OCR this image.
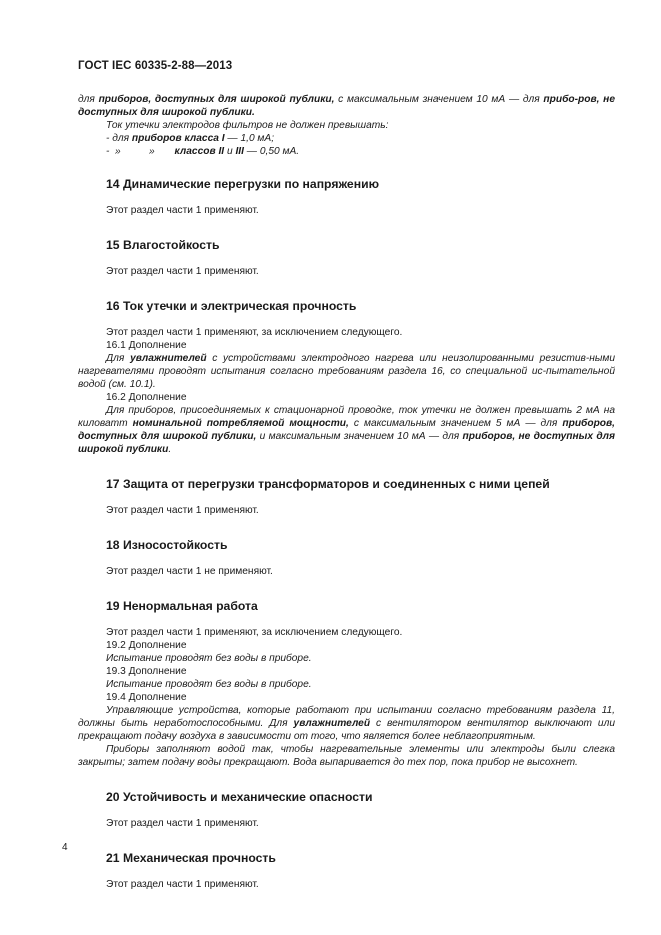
ГОСТ IEC 60335-2-88—2013

для приборов, доступных для широкой публики, с максимальным значением 10 мА — для прибо-ров, не доступных для широкой публики.

Ток утечки электродов фильтров не должен превышать:

- для приборов класса I — 1,0 мА;

-  »          » классов II и III — 0,50 мА.

14 Динамические перегрузки по напряжению

Этот раздел части 1 применяют.

15 Влагостойкость

Этот раздел части 1 применяют.

16 Ток утечки и электрическая прочность

Этот раздел части 1 применяют, за исключением следующего.

16.1 Дополнение

Для увлажнителей с устройствами электродного нагрева или неизолированными резистив-ными нагревателями проводят испытания согласно требованиям раздела 16, со специальной ис-пытательной водой (см. 10.1).

16.2 Дополнение

Для приборов, присоединяемых к стационарной проводке, ток утечки не должен превышать 2 мА на киловатт номинальной потребляемой мощности, с максимальным значением 5 мА — для приборов, доступных для широкой публики, и максимальным значением 10 мА — для приборов, не доступных для широкой публики.

17 Защита от перегрузки трансформаторов и соединенных с ними цепей

Этот раздел части 1 применяют.

18 Износостойкость

Этот раздел части 1 не применяют.

19 Ненормальная работа

Этот раздел части 1 применяют, за исключением следующего.

19.2 Дополнение

Испытание проводят без воды в приборе.

19.3 Дополнение

Испытание проводят без воды в приборе.

19.4 Дополнение

Управляющие устройства, которые работают при испытании согласно требованиям раздела 11, должны быть неработоспособными. Для увлажнителей с вентилятором вентилятор выключают или прекращают подачу воздуха в зависимости от того, что является более неблагоприятным.

Приборы заполняют водой так, чтобы нагревательные элементы или электроды были слегка закрыты; затем подачу воды прекращают. Вода выпаривается до тех пор, пока прибор не высохнет.

20 Устойчивость и механические опасности

Этот раздел части 1 применяют.

21 Механическая прочность

Этот раздел части 1 применяют.

4
